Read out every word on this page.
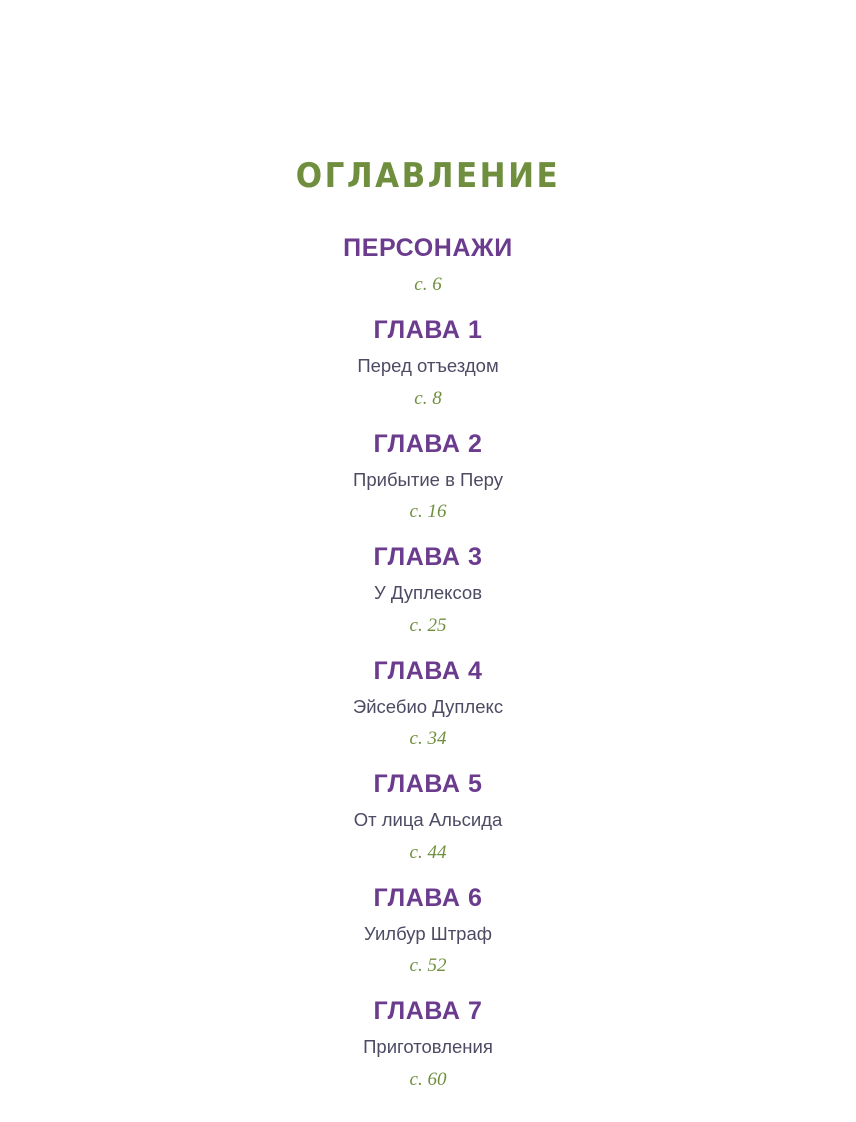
ОГЛАВЛЕНИЕ
ПЕРСОНАЖИ
с. 6
ГЛАВА 1
Перед отъездом
с. 8
ГЛАВА 2
Прибытие в Перу
с. 16
ГЛАВА 3
У Дуплексов
с. 25
ГЛАВА 4
Эйсебио Дуплекс
с. 34
ГЛАВА 5
От лица Альсида
с. 44
ГЛАВА 6
Уилбур Штраф
с. 52
ГЛАВА 7
Приготовления
с. 60
